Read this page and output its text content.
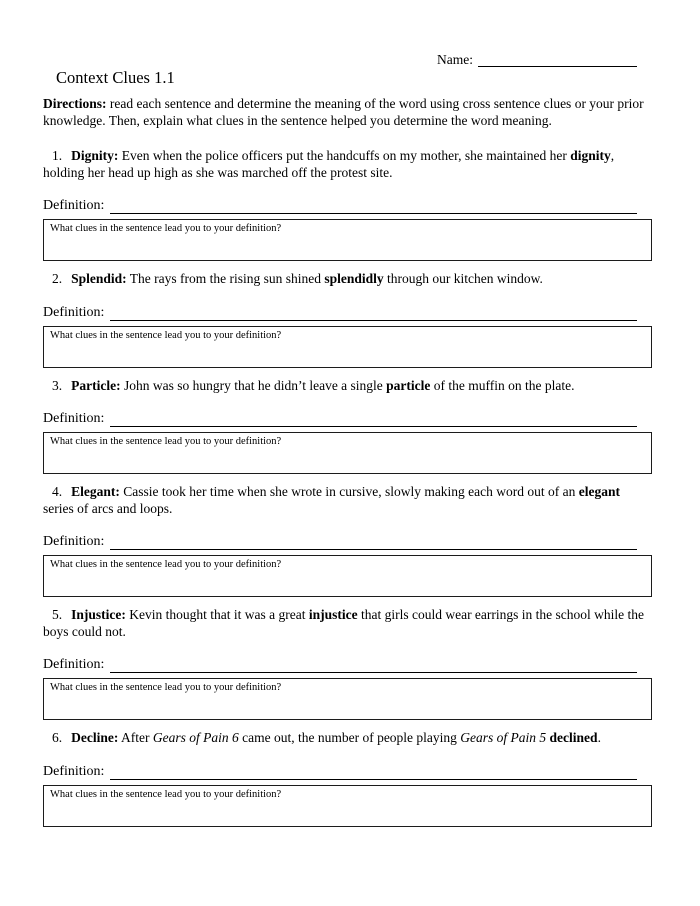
Name:
Context Clues 1.1

Directions: read each sentence and determine the meaning of the word using cross sentence clues or your prior knowledge. Then, explain what clues in the sentence helped you determine the word meaning.

1. Dignity: Even when the police officers put the handcuffs on my mother, she maintained her dignity, holding her head up high as she was marched off the protest site.

Definition:
What clues in the sentence lead you to your definition?

2. Splendid: The rays from the rising sun shined splendidly through our kitchen window.

Definition:
What clues in the sentence lead you to your definition?

3. Particle: John was so hungry that he didn’t leave a single particle of the muffin on the plate.

Definition:
What clues in the sentence lead you to your definition?

4. Elegant: Cassie took her time when she wrote in cursive, slowly making each word out of an elegant series of arcs and loops.

Definition:
What clues in the sentence lead you to your definition?

5. Injustice: Kevin thought that it was a great injustice that girls could wear earrings in the school while the boys could not.

Definition:
What clues in the sentence lead you to your definition?

6. Decline: After Gears of Pain 6 came out, the number of people playing Gears of Pain 5 declined.

Definition:
What clues in the sentence lead you to your definition?
